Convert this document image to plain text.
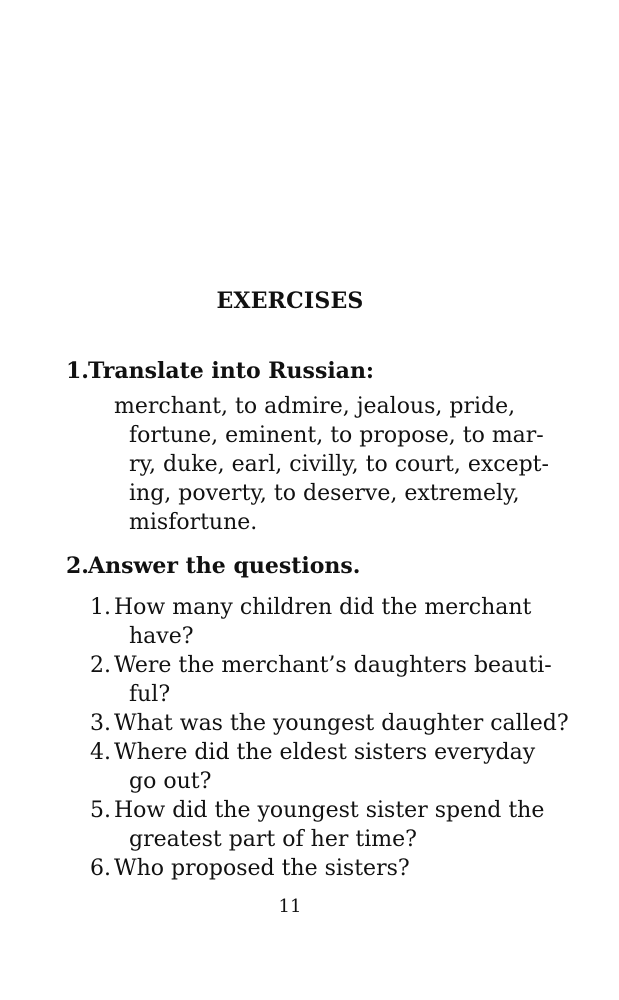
EXERCISES
1.Translate into Russian:
merchant, to admire, jealous, pride,
fortune, eminent, to propose, to mar-
ry, duke, earl, civilly, to court, except-
ing, poverty, to deserve, extremely,
misfortune.
2.Answer the questions.
1. How many children did the merchant
have?
2. Were the merchant’s daughters beauti-
ful?
3. What was the youngest daughter called?
4. Where did the eldest sisters everyday
go out?
5. How did the youngest sister spend the
greatest part of her time?
6. Who proposed the sisters?
11
